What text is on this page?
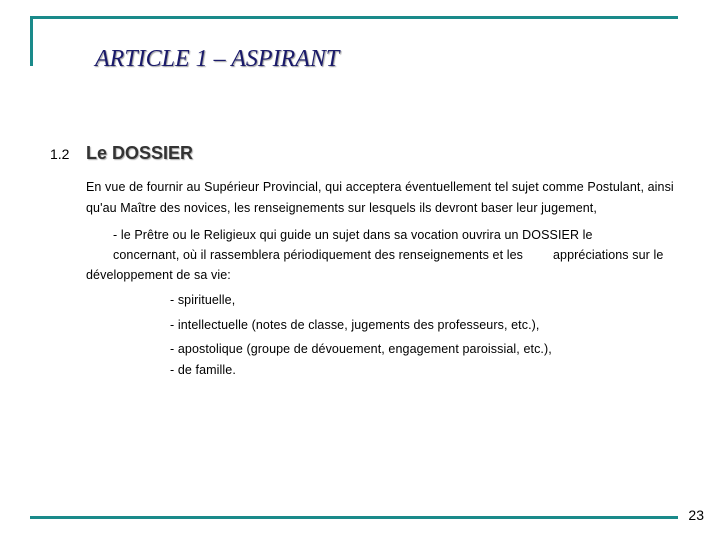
ARTICLE 1 – ASPIRANT
1.2 Le DOSSIER
En vue de fournir au Supérieur Provincial, qui acceptera éventuellement tel sujet comme Postulant, ainsi
qu'au Maître des novices, les renseignements sur lesquels ils devront baser leur jugement,
- le Prêtre ou le Religieux qui guide un sujet dans sa vocation ouvrira un DOSSIER le
concernant, où il rassemblera périodiquement des renseignements et les appréciations sur le
développement de sa vie:
- spirituelle,
- intellectuelle (notes de classe, jugements des professeurs, etc.),
- apostolique (groupe de dévouement, engagement paroissial, etc.),
- de famille.
23
